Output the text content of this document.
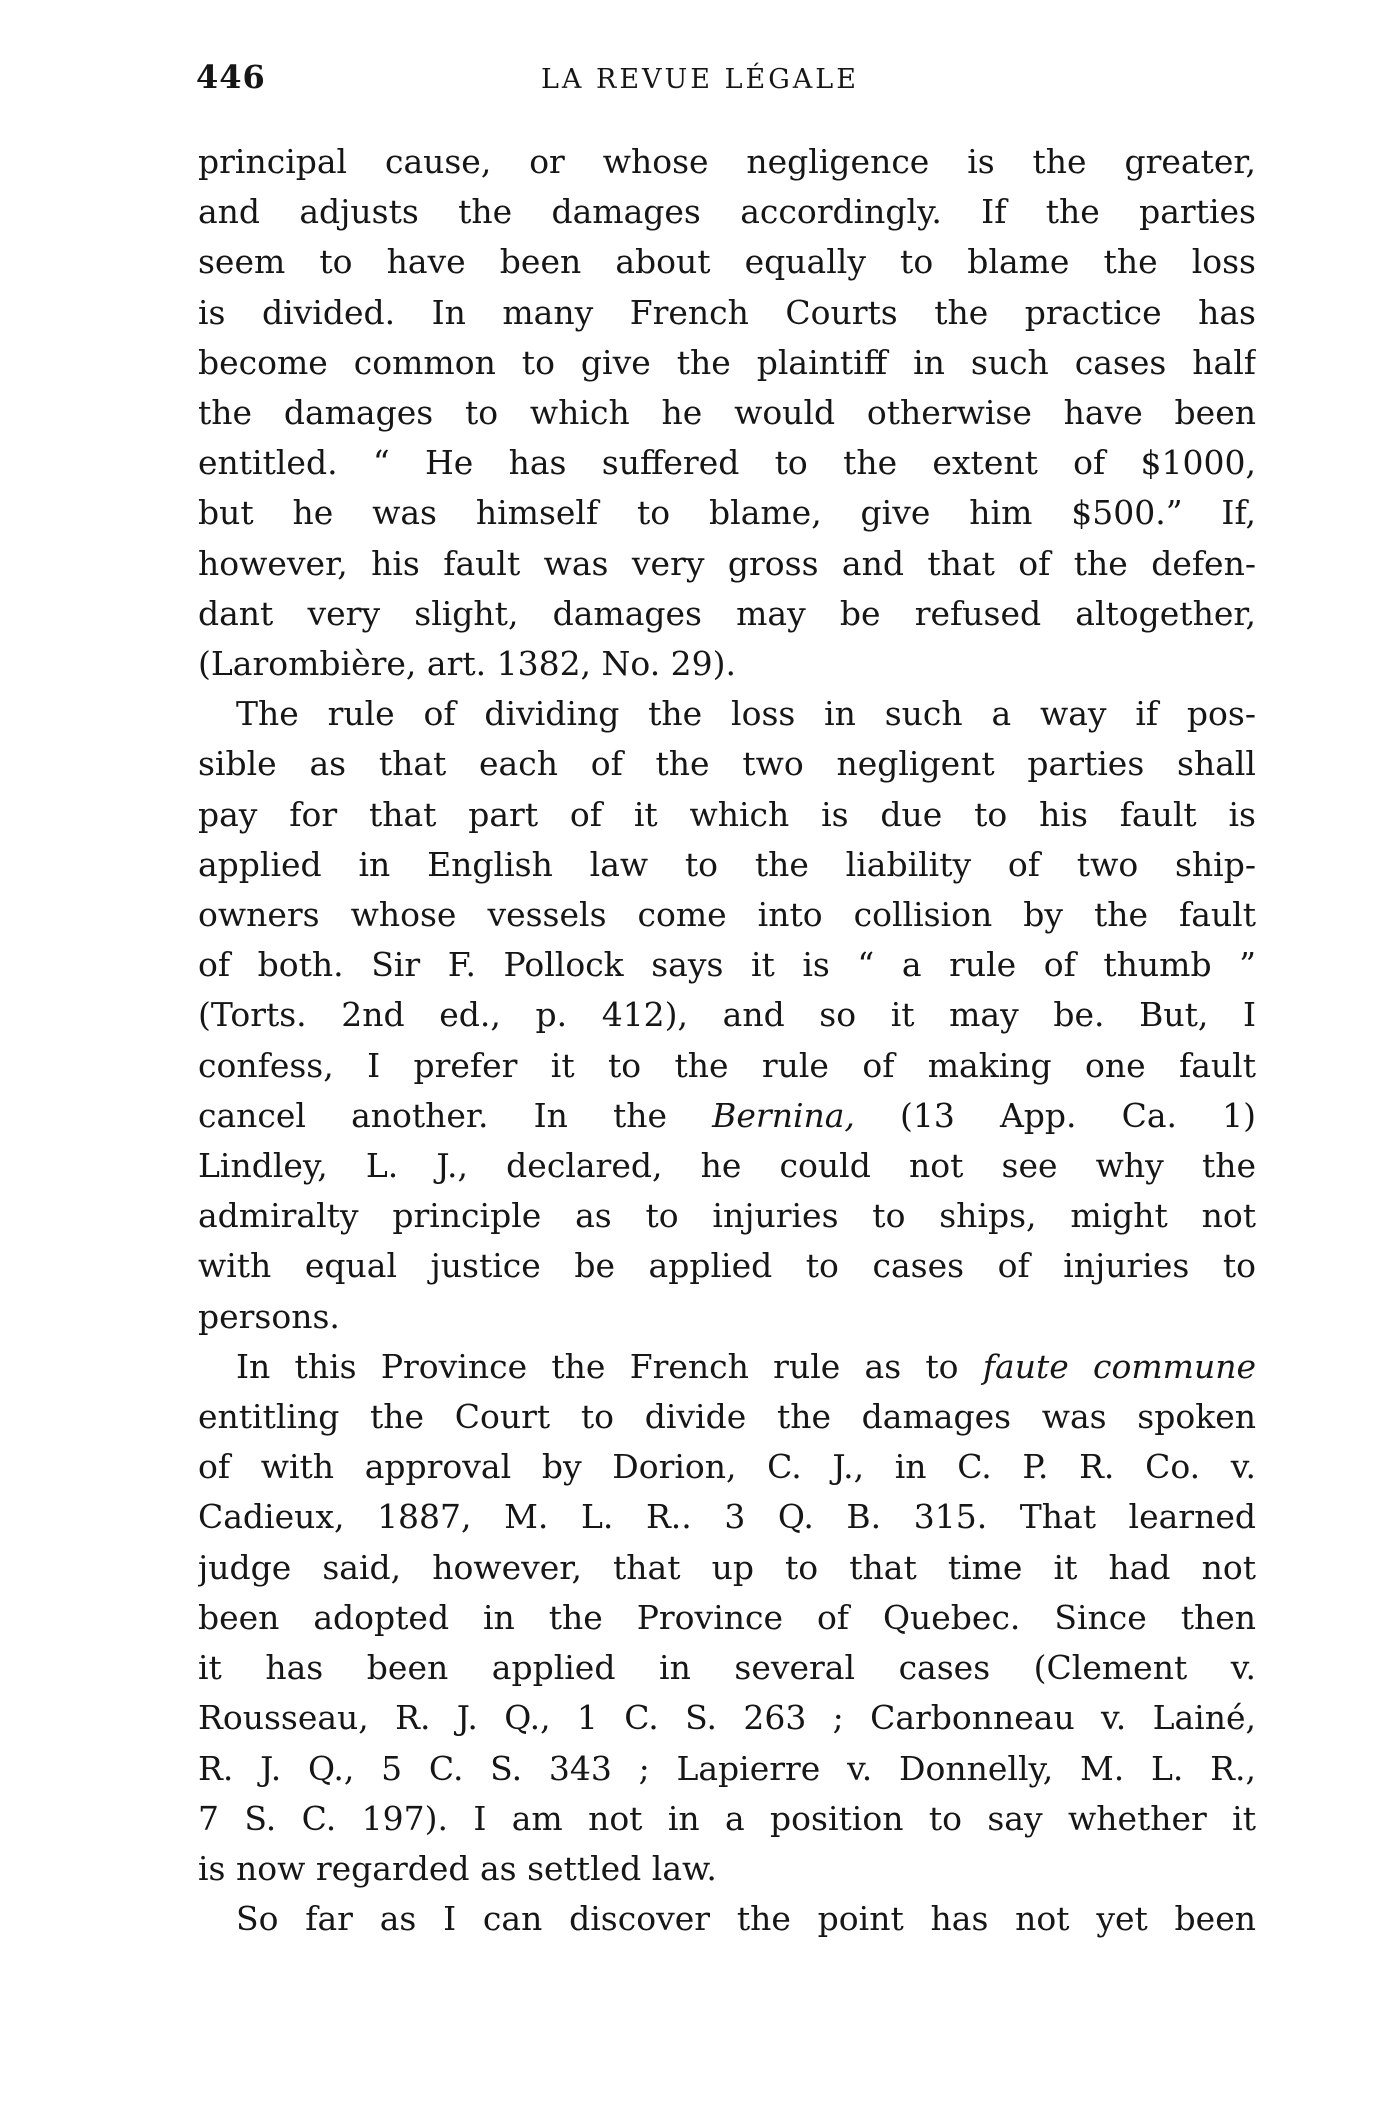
446	LA REVUE LÉGALE

principal cause, or whose negligence is the greater,
and adjusts the damages accordingly. If the parties
seem to have been about equally to blame the loss
is divided. In many French Courts the practice has
become common to give the plaintiff in such cases half
the damages to which he would otherwise have been
entitled. “ He has suffered to the extent of $1000,
but he was himself to blame, give him $500.” If,
however, his fault was very gross and that of the defen-
dant very slight, damages may be refused altogether,
(Larombière, art. 1382, No. 29).

The rule of dividing the loss in such a way if pos-
sible as that each of the two negligent parties shall
pay for that part of it which is due to his fault is
applied in English law to the liability of two ship-
owners whose vessels come into collision by the fault
of both. Sir F. Pollock says it is “ a rule of thumb ”
(Torts. 2nd ed., p. 412), and so it may be. But, I
confess, I prefer it to the rule of making one fault
cancel another. In the Bernina, (13 App. Ca. 1)
Lindley, L. J., declared, he could not see why the
admiralty principle as to injuries to ships, might not
with equal justice be applied to cases of injuries to
persons.

In this Province the French rule as to faute commune
entitling the Court to divide the damages was spoken
of with approval by Dorion, C. J., in C. P. R. Co. v.
Cadieux, 1887, M. L. R.. 3 Q. B. 315. That learned
judge said, however, that up to that time it had not
been adopted in the Province of Quebec. Since then
it has been applied in several cases (Clement v.
Rousseau, R. J. Q., 1 C. S. 263 ; Carbonneau v. Lainé,
R. J. Q., 5 C. S. 343 ; Lapierre v. Donnelly, M. L. R.,
7 S. C. 197). I am not in a position to say whether it
is now regarded as settled law.

So far as I can discover the point has not yet been
